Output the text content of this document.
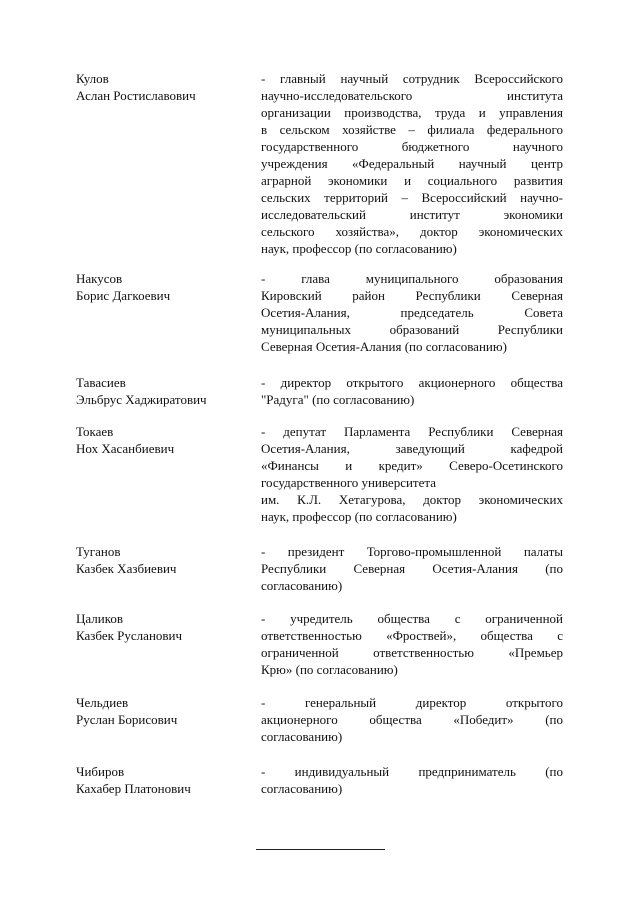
Кулов
Аслан Ростиславович
- главный научный сотрудник Всероссийского
научно-исследовательского института
организации производства, труда и управления
в сельском хозяйстве – филиала федерального
государственного бюджетного научного
учреждения «Федеральный научный центр
аграрной экономики и социального развития
сельских территорий – Всероссийский научно-
исследовательский институт экономики
сельского хозяйства», доктор экономических
наук, профессор (по согласованию)
Накусов
Борис Дагкоевич
- глава муниципального образования
Кировский район Республики Северная
Осетия-Алания, председатель Совета
муниципальных образований Республики
Северная Осетия-Алания (по согласованию)
Тавасиев
Эльбрус Хаджиратович
- директор открытого акционерного общества
"Радуга" (по согласованию)
Токаев
Нох Хасанбиевич
- депутат Парламента Республики Северная
Осетия-Алания, заведующий кафедрой
«Финансы и кредит» Северо-Осетинского
государственного университета
им. К.Л. Хетагурова, доктор экономических
наук, профессор (по согласованию)
Туганов
Казбек Хазбиевич
- президент Торгово-промышленной палаты
Республики Северная Осетия-Алания (по
согласованию)
Цаликов
Казбек Русланович
- учредитель общества с ограниченной
ответственностью «Фроствей», общества с
ограниченной ответственностью «Премьер
Крю» (по согласованию)
Чельдиев
Руслан Борисович
- генеральный директор открытого
акционерного общества «Победит» (по
согласованию)
Чибиров
Кахабер Платонович
- индивидуальный предприниматель (по
согласованию)
